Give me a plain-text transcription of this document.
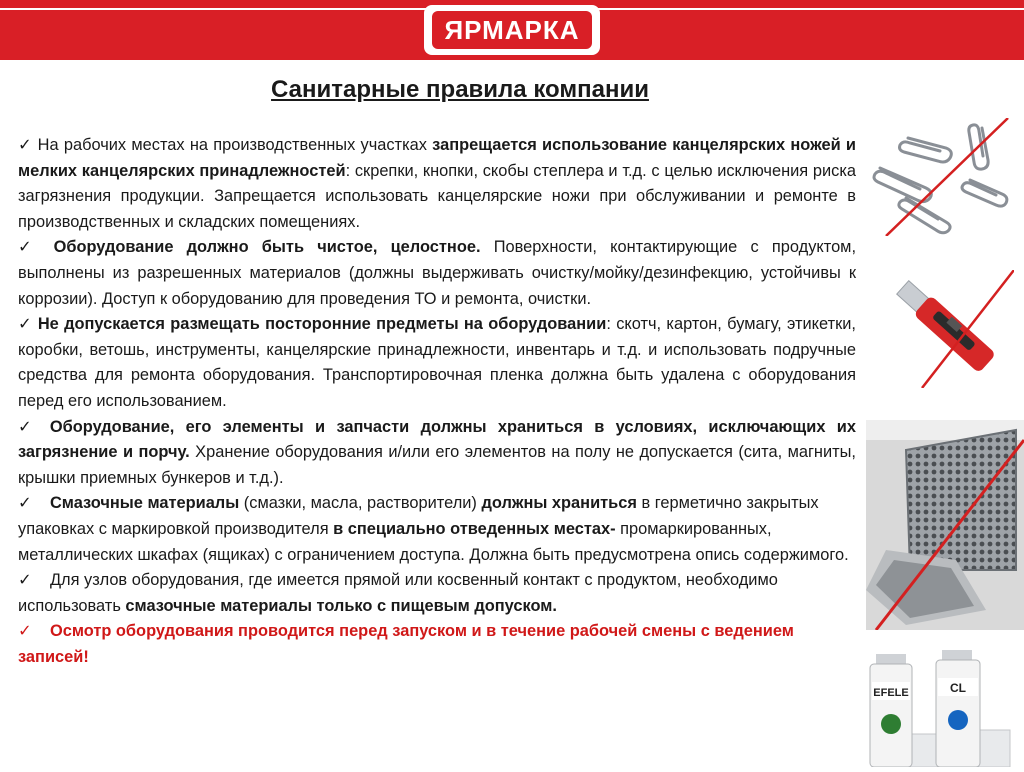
ЯРМАРКА
Санитарные правила компании

✓ На рабочих местах на производственных участках запрещается использование канцелярских ножей и мелких канцелярских принадлежностей: скрепки, кнопки, скобы степлера и т.д. с целью исключения риска загрязнения продукции. Запрещается использовать канцелярские ножи при обслуживании и ремонте в производственных и складских помещениях.

✓ Оборудование должно быть чистое, целостное. Поверхности, контактирующие с продуктом, выполнены из разрешенных материалов (должны выдерживать очистку/мойку/дезинфекцию, устойчивы к коррозии). Доступ к оборудованию для проведения ТО и ремонта, очистки.

✓ Не допускается размещать посторонние предметы на оборудовании: скотч, картон, бумагу, этикетки, коробки, ветошь, инструменты, канцелярские принадлежности, инвентарь и т.д. и использовать подручные средства для ремонта оборудования. Транспортировочная пленка должна быть удалена с оборудования перед его использованием.

✓ Оборудование, его элементы и запчасти должны храниться в условиях, исключающих их загрязнение и порчу. Хранение оборудования и/или его элементов на полу не допускается (сита, магниты, крышки приемных бункеров и т.д.).

✓ Смазочные материалы (смазки, масла, растворители) должны храниться в герметично закрытых упаковках с маркировкой производителя в специально отведенных местах- промаркированных, металлических шкафах (ящиках) с ограничением доступа. Должна быть предусмотрена опись содержимого.

✓ Для узлов оборудования, где имеется прямой или косвенный контакт с продуктом, необходимо использовать смазочные материалы только с пищевым допуском.

✓ Осмотр оборудования проводится перед запуском и в течение рабочей смены с ведением записей!

EFELE	CL
